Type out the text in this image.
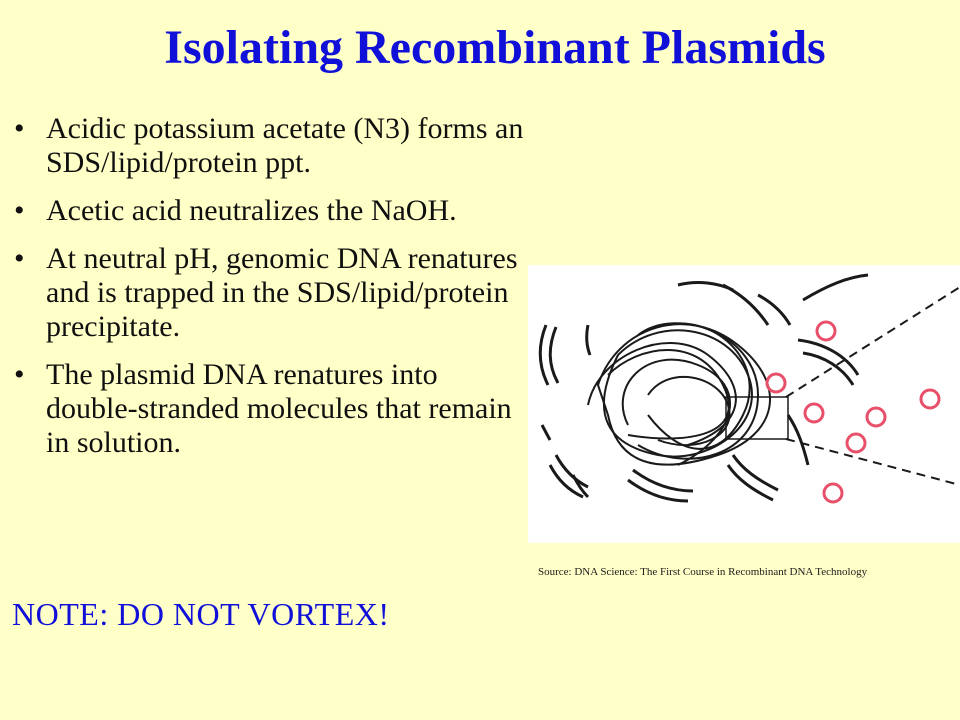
Isolating Recombinant Plasmids
• Acidic potassium acetate (N3) forms an SDS/lipid/protein ppt.
• Acetic acid neutralizes the NaOH.
• At neutral pH, genomic DNA renatures and is trapped in the SDS/lipid/protein precipitate.
• The plasmid DNA renatures into double-stranded molecules that remain in solution.

NOTE: DO NOT VORTEX!

Source: DNA Science: The First Course in Recombinant DNA Technology
